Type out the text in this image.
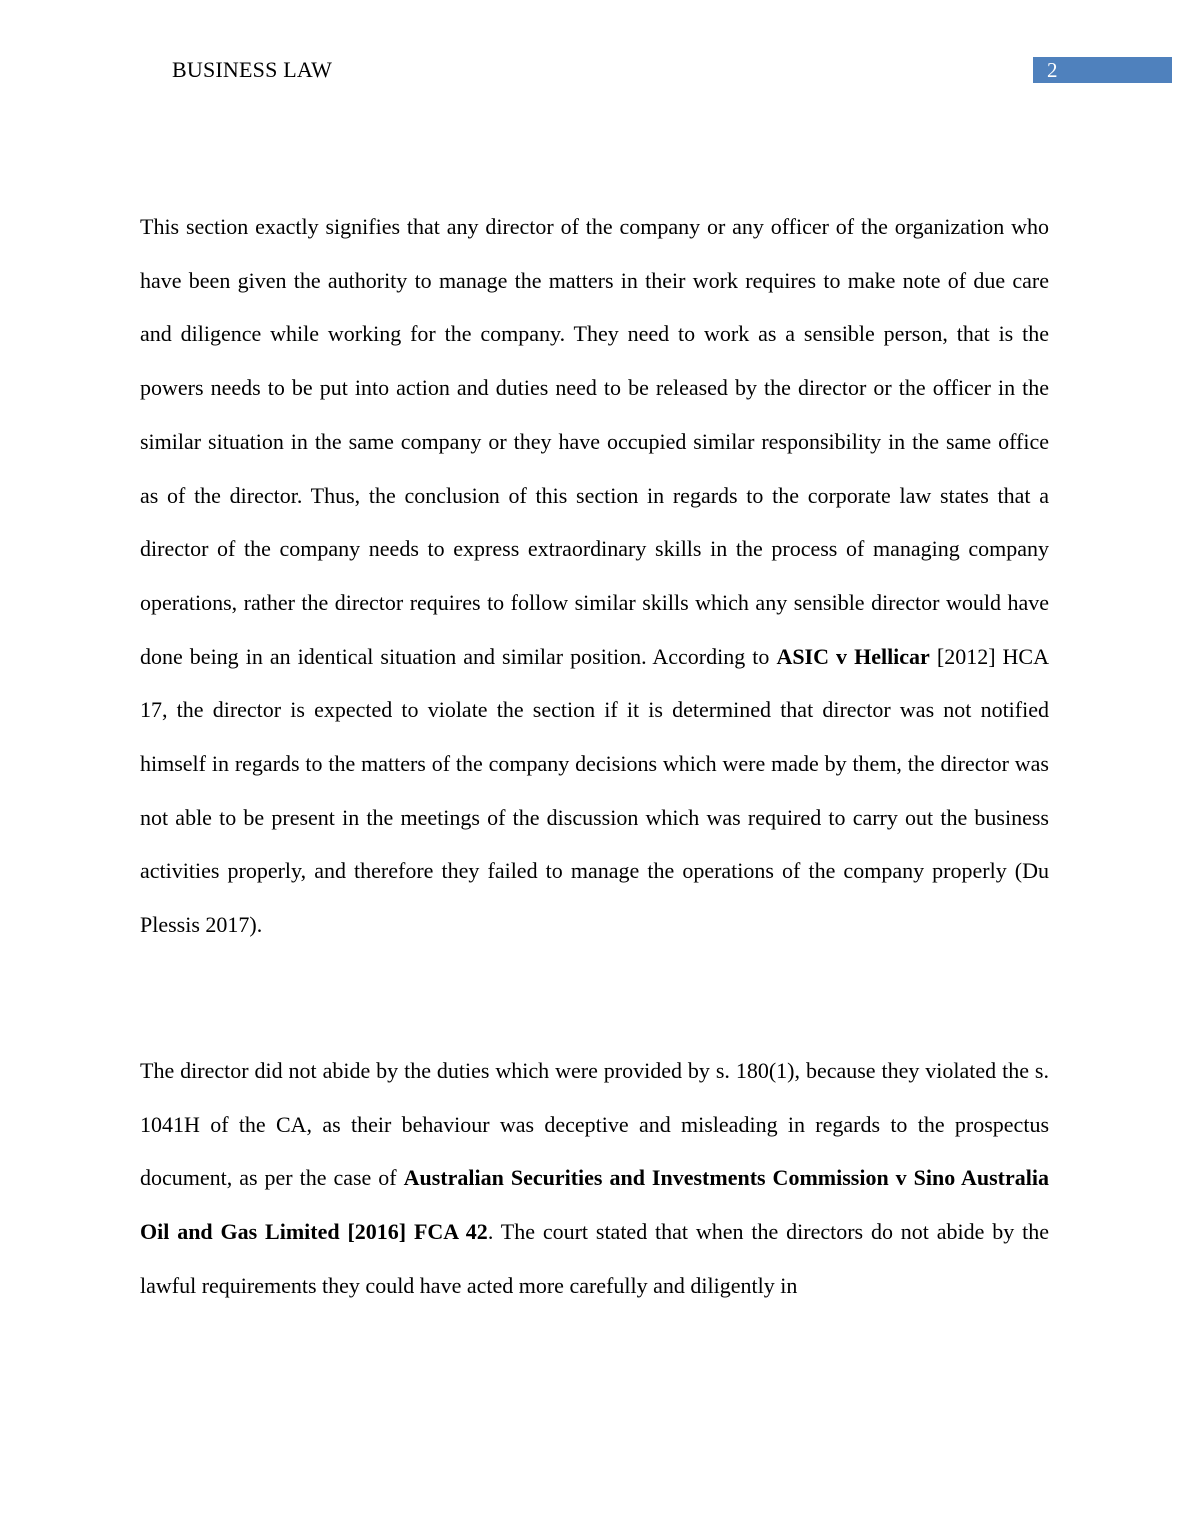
BUSINESS LAW	2

This section exactly signifies that any director of the company or any officer of the organization who have been given the authority to manage the matters in their work requires to make note of due care and diligence while working for the company. They need to work as a sensible person, that is the powers needs to be put into action and duties need to be released by the director or the officer in the similar situation in the same company or they have occupied similar responsibility in the same office as of the director. Thus, the conclusion of this section in regards to the corporate law states that a director of the company needs to express extraordinary skills in the process of managing company operations, rather the director requires to follow similar skills which any sensible director would have done being in an identical situation and similar position. According to ASIC v Hellicar [2012] HCA 17, the director is expected to violate the section if it is determined that director was not notified himself in regards to the matters of the company decisions which were made by them, the director was not able to be present in the meetings of the discussion which was required to carry out the business activities properly, and therefore they failed to manage the operations of the company properly (Du Plessis 2017).

The director did not abide by the duties which were provided by s. 180(1), because they violated the s. 1041H of the CA, as their behaviour was deceptive and misleading in regards to the prospectus document, as per the case of Australian Securities and Investments Commission v Sino Australia Oil and Gas Limited [2016] FCA 42. The court stated that when the directors do not abide by the lawful requirements they could have acted more carefully and diligently in
